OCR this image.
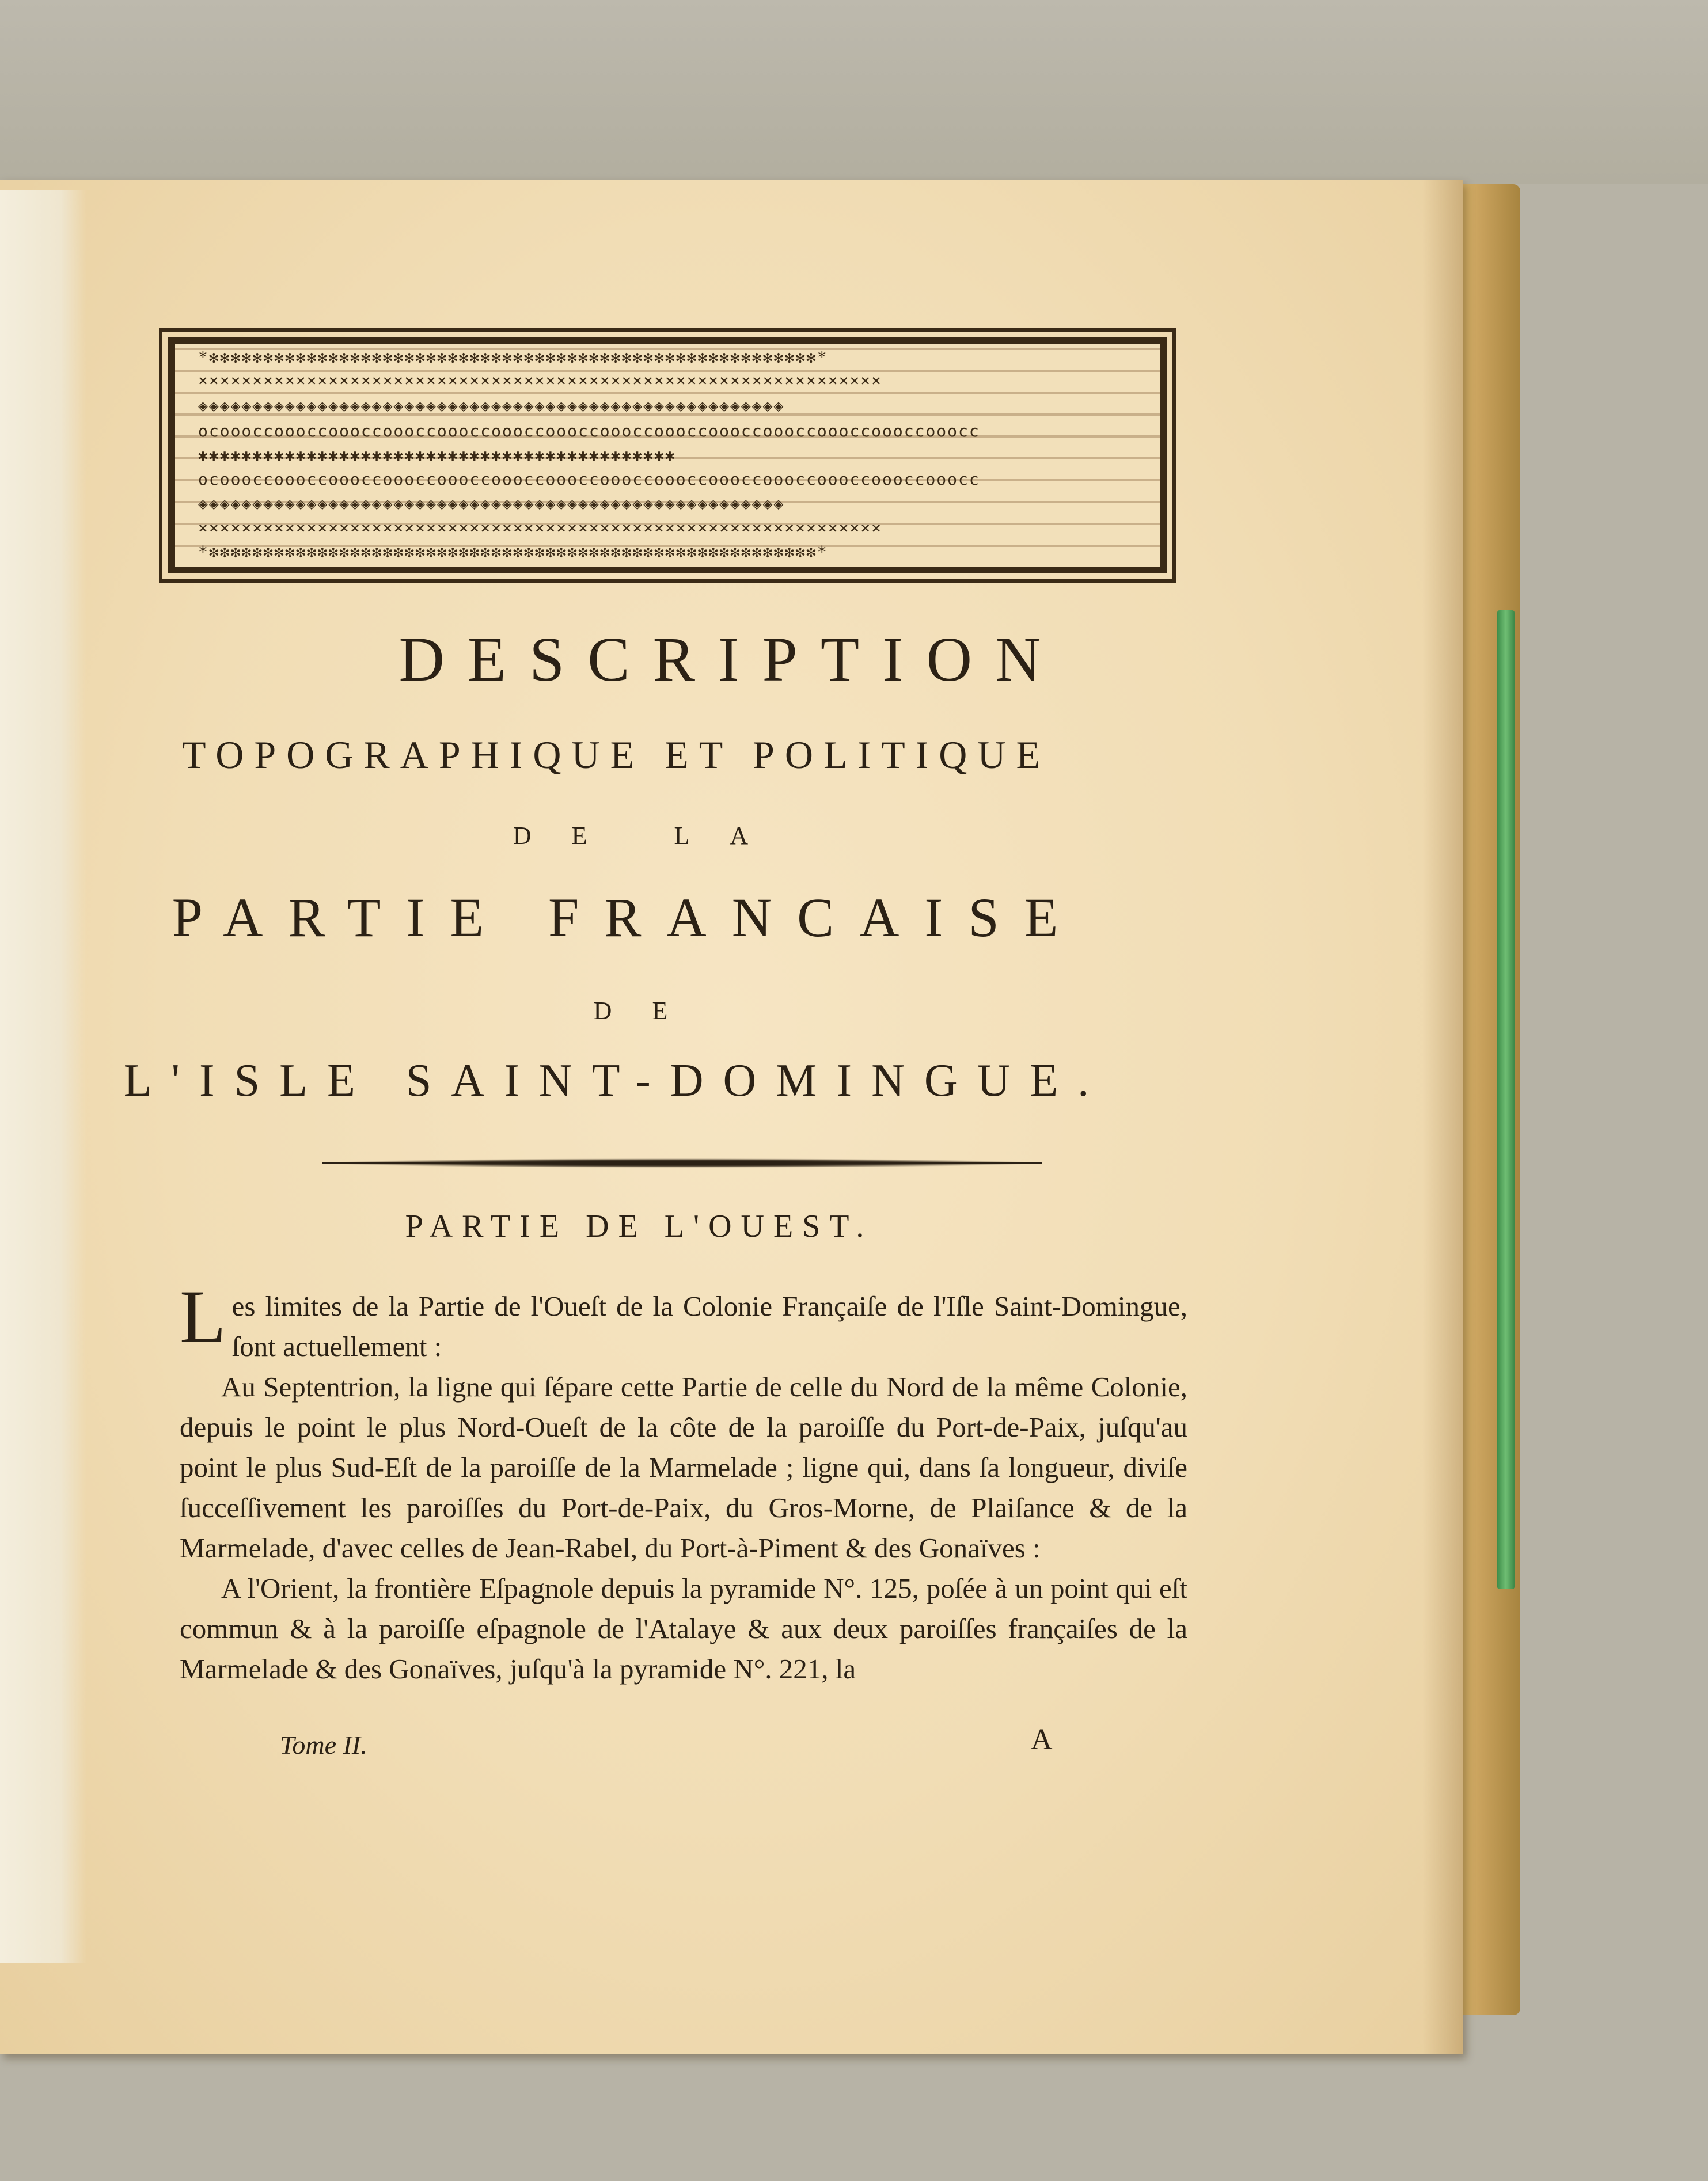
*✻✻✻✻✻✻✻✻✻✻✻✻✻✻✻✻✻✻✻✻✻✻✻✻✻✻✻✻✻✻✻✻✻✻✻✻✻✻✻✻✻✻✻✻✻✻✻✻✻✻✻✻✻✻✻✻*
×××××××××××××××××××××××××××××××××××××××××××××××××××××××××××××××
◈◈◈◈◈◈◈◈◈◈◈◈◈◈◈◈◈◈◈◈◈◈◈◈◈◈◈◈◈◈◈◈◈◈◈◈◈◈◈◈◈◈◈◈◈◈◈◈◈◈◈◈◈◈
ocoooccoooccoooccoooccoooccoooccoooccoooccoooccoooccoooccoooccoooccooocc
✱✱✱✱✱✱✱✱✱✱✱✱✱✱✱✱✱✱✱✱✱✱✱✱✱✱✱✱✱✱✱✱✱✱✱✱✱✱✱✱✱✱✱✱
ocoooccoooccoooccoooccoooccoooccoooccoooccoooccoooccoooccoooccoooccooocc
◈◈◈◈◈◈◈◈◈◈◈◈◈◈◈◈◈◈◈◈◈◈◈◈◈◈◈◈◈◈◈◈◈◈◈◈◈◈◈◈◈◈◈◈◈◈◈◈◈◈◈◈◈◈
×××××××××××××××××××××××××××××××××××××××××××××××××××××××××××××××
*✻✻✻✻✻✻✻✻✻✻✻✻✻✻✻✻✻✻✻✻✻✻✻✻✻✻✻✻✻✻✻✻✻✻✻✻✻✻✻✻✻✻✻✻✻✻✻✻✻✻✻✻✻✻✻✻*
DESCRIPTION
TOPOGRAPHIQUE ET POLITIQUE
DE LA
PARTIE FRANCAISE
DE
L'ISLE SAINT-DOMINGUE.
PARTIE DE L'OUEST.

Les limites de la Partie de l'Oueſt de la Colonie Françaiſe de l'Iſle Saint-Domingue, ſont actuellement :

Au Septentrion, la ligne qui ſépare cette Partie de celle du Nord de la même Colonie, depuis le point le plus Nord-Oueſt de la côte de la paroiſſe du Port-de-Paix, juſqu'au point le plus Sud-Eſt de la paroiſſe de la Marmelade ; ligne qui, dans ſa longueur, diviſe ſucceſſivement les paroiſſes du Port-de-Paix, du Gros-Morne, de Plaiſance & de la Marmelade, d'avec celles de Jean-Rabel, du Port-à-Piment & des Gonaïves :

A l'Orient, la frontière Eſpagnole depuis la pyramide N°. 125, poſée à un point qui eſt commun & à la paroiſſe eſpagnole de l'Atalaye & aux deux paroiſſes françaiſes de la Marmelade & des Gonaïves, juſqu'à la pyramide N°. 221, la

Tome II.	A
